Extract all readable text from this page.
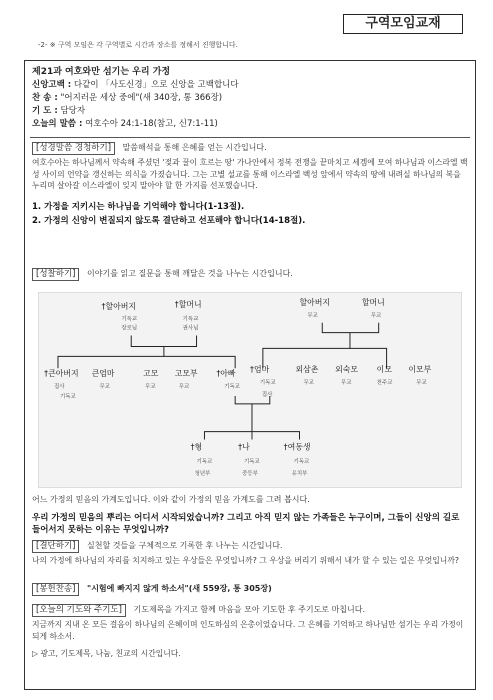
-2- ※ 구역 모임은 각 구역별로 시간과 장소를 정해서 진행합니다.
구역모임교재
제21과 여호와만 섬기는 우리 가정
신앙고백 : 다같이 「사도신경」으로 신앙을 고백합니다
찬 송 : "어지러운 세상 중에"(새 340장, 통 366장)
기 도 : 담당자
오늘의 말씀 : 여호수아 24:1-18(참고, 신7:1-11)
[성경말씀 경청하기] 말씀해석을 통해 은혜를 얻는 시간입니다.
여호수아는 하나님께서 약속해 주셨던 '젖과 꿀이 흐르는 땅' 가나안에서 정복 전쟁을 끝마치고 세겜에 모여 하나님과 이스라엘 백성 사이의 언약을 갱신하는 의식을 가졌습니다. 그는 고별 설교를 통해 이스라엘 백성 앞에서 약속의 땅에 내려실 하나님의 복을 누리며 살아갈 이스라엘이 잊지 말아야 할 한 가지를 선포했습니다.
1. 가정을 지키시는 하나님을 기억해야 합니다(1-13절).
2. 가정의 신앙이 변질되지 않도록 결단하고 선포해야 합니다(14-18절).
[성찰하기] 이야기를 읽고 질문을 통해 깨달은 것을 나누는 시간입니다.
†할아버지
기독교
장로님
†할머니
기독교
권사님
할아버지	할머니
무교	무교
†큰아버지
집사
기독교
큰엄마
무교
고모
무교
고모부
무교
†아빠
기독교
†엄마
기독교
집사
외삼촌
무교
외숙모
무교
이모
천주교
이모부
무교
†형
기독교
청년부
†나
기독교
중등부
†여동생
기독교
유치부
어느 가정의 믿음의 가계도입니다. 이와 같이 가정의 믿음 가계도를 그려 봅시다.
우리 가정의 믿음의 뿌리는 어디서 시작되었습니까? 그리고 아직 믿지 않는 가족들은 누구이며, 그들이 신앙의 길로 들어서지 못하는 이유는 무엇입니까?
[결단하기] 실천할 것들을 구체적으로 기록한 후 나누는 시간입니다.
나의 가정에 하나님의 자리를 치지하고 있는 우상들은 무엇입니까? 그 우상을 버리기 위해서 내가 할 수 있는 일은 무엇입니까?
[봉헌찬송] "시험에 빠지지 않게 하소서"(새 559장, 통 305장)
[오늘의 기도와 주기도] 기도제목을 가지고 함께 마음을 모아 기도한 후 주기도로 마칩니다.
지금까지 지내 온 모든 걸음이 하나님의 은혜이며 인도하심의 은총이었습니다. 그 은혜를 기억하고 하나님만 섬기는 우리 가정이 되게 하소서.
▷ 광고, 기도제목, 나눔, 친교의 시간입니다.
